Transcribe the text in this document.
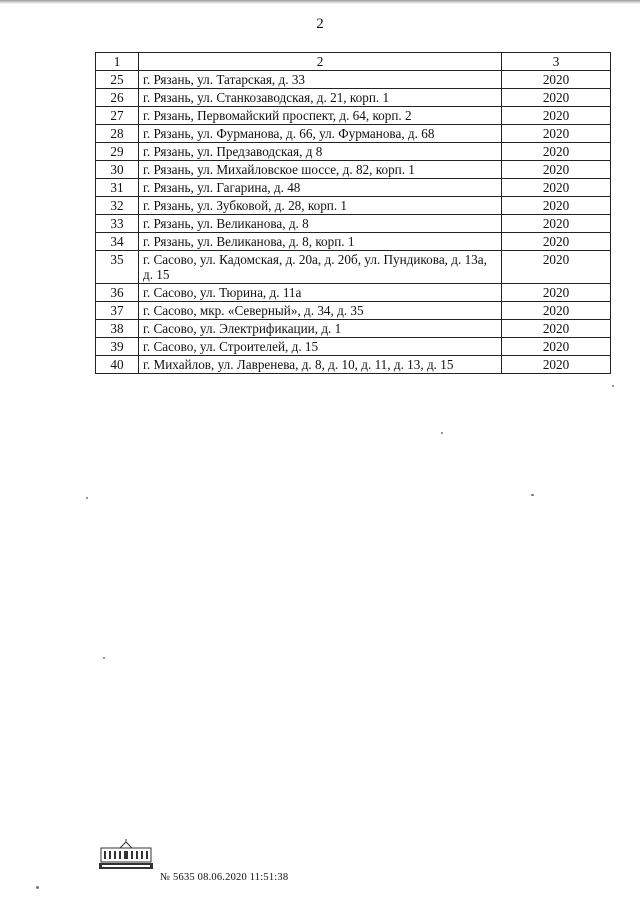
2
1	2	3
25	г. Рязань, ул. Татарская, д. 33	2020
26	г. Рязань, ул. Станкозаводская, д. 21, корп. 1	2020
27	г. Рязань, Первомайский проспект, д. 64, корп. 2	2020
28	г. Рязань, ул. Фурманова, д. 66, ул. Фурманова, д. 68	2020
29	г. Рязань, ул. Предзаводская, д 8	2020
30	г. Рязань, ул. Михайловское шоссе, д. 82, корп. 1	2020
31	г. Рязань, ул. Гагарина, д. 48	2020
32	г. Рязань, ул. Зубковой, д. 28, корп. 1	2020
33	г. Рязань, ул. Великанова, д. 8	2020
34	г. Рязань, ул. Великанова, д. 8, корп. 1	2020
35	г. Сасово, ул. Кадомская, д. 20а, д. 20б, ул. Пундикова, д. 13а, д. 15	2020
36	г. Сасово, ул. Тюрина, д. 11а	2020
37	г. Сасово, мкр. «Северный», д. 34, д. 35	2020
38	г. Сасово, ул. Электрификации, д. 1	2020
39	г. Сасово, ул. Строителей, д. 15	2020
40	г. Михайлов, ул. Лавренева, д. 8, д. 10, д. 11, д. 13, д. 15	2020
№ 5635 08.06.2020 11:51:38
